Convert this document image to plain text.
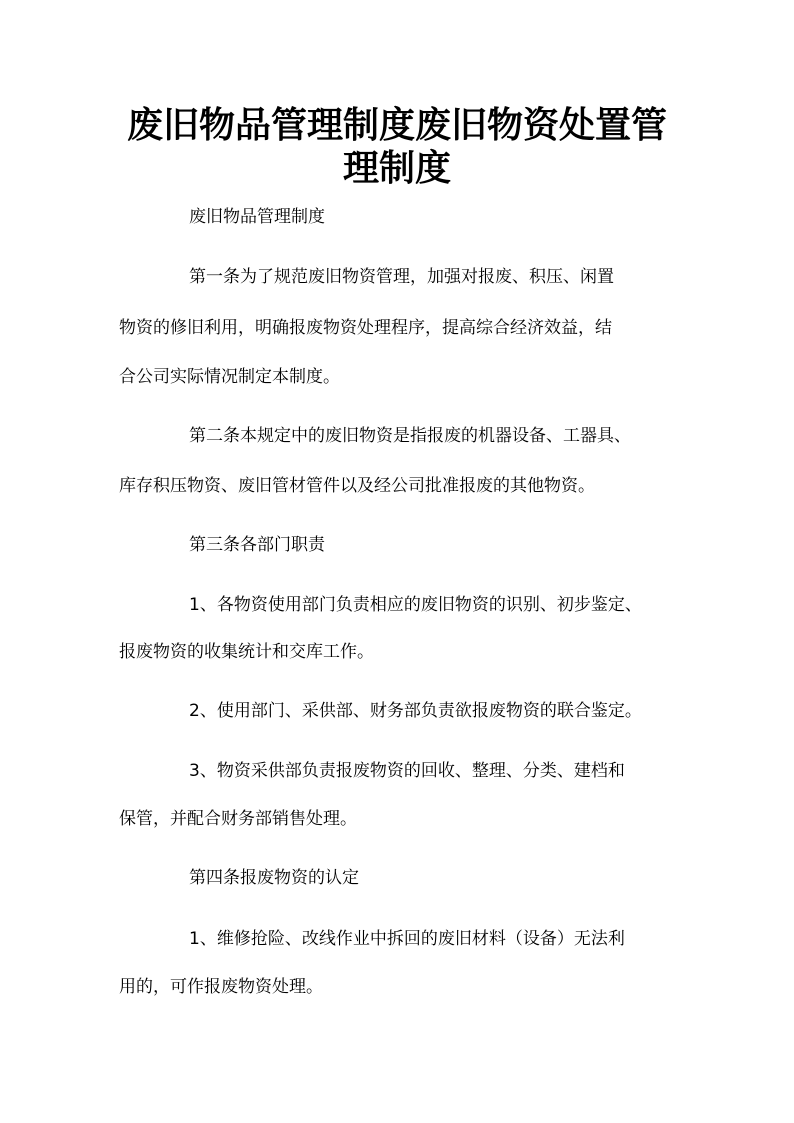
废旧物品管理制度废旧物资处置管
理制度

废旧物品管理制度

第一条为了规范废旧物资管理，加强对报废、积压、闲置

物资的修旧利用，明确报废物资处理程序，提高综合经济效益，结

合公司实际情况制定本制度。

第二条本规定中的废旧物资是指报废的机器设备、工器具、

库存积压物资、废旧管材管件以及经公司批准报废的其他物资。

第三条各部门职责

1、各物资使用部门负责相应的废旧物资的识别、初步鉴定、

报废物资的收集统计和交库工作。

2、使用部门、采供部、财务部负责欲报废物资的联合鉴定。

3、物资采供部负责报废物资的回收、整理、分类、建档和

保管，并配合财务部销售处理。

第四条报废物资的认定

1、维修抢险、改线作业中拆回的废旧材料（设备）无法利

用的，可作报废物资处理。
